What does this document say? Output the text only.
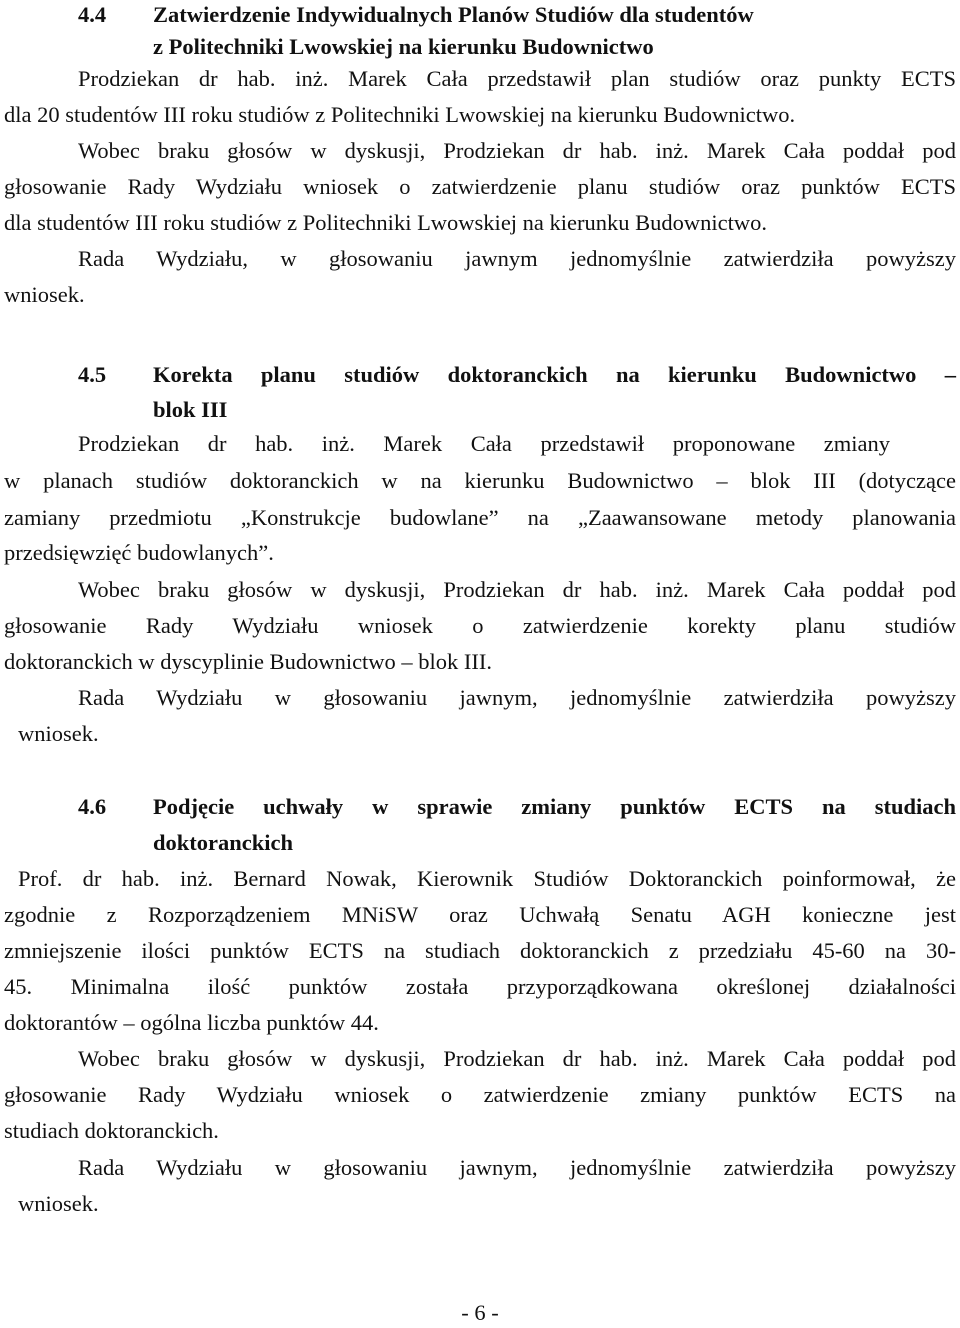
4.4 Zatwierdzenie Indywidualnych Planów Studiów dla studentów
z Politechniki Lwowskiej na kierunku Budownictwo
Prodziekan dr hab. inż. Marek Cała przedstawił plan studiów oraz punkty ECTS
dla 20 studentów III roku studiów z Politechniki Lwowskiej na kierunku Budownictwo.
Wobec braku głosów w dyskusji, Prodziekan dr hab. inż. Marek Cała poddał pod
głosowanie Rady Wydziału wniosek o zatwierdzenie planu studiów oraz punktów ECTS
dla studentów III roku studiów z Politechniki Lwowskiej na kierunku Budownictwo.
Rada Wydziału, w głosowaniu jawnym jednomyślnie zatwierdziła powyższy
wniosek.
4.5 Korekta planu studiów doktoranckich na kierunku Budownictwo –
blok III
Prodziekan dr hab. inż. Marek Cała przedstawił proponowane zmiany
w planach studiów doktoranckich w na kierunku Budownictwo – blok III (dotyczące
zamiany przedmiotu „Konstrukcje budowlane” na „Zaawansowane metody planowania
przedsięwzięć budowlanych”.
Wobec braku głosów w dyskusji, Prodziekan dr hab. inż. Marek Cała poddał pod
głosowanie Rady Wydziału wniosek o zatwierdzenie korekty planu studiów
doktoranckich w dyscyplinie Budownictwo – blok III.
Rada Wydziału w głosowaniu jawnym, jednomyślnie zatwierdziła powyższy
wniosek.
4.6 Podjęcie uchwały w sprawie zmiany punktów ECTS na studiach
doktoranckich
Prof. dr hab. inż. Bernard Nowak, Kierownik Studiów Doktoranckich poinformował, że
zgodnie z Rozporządzeniem MNiSW oraz Uchwałą Senatu AGH konieczne jest
zmniejszenie ilości punktów ECTS na studiach doktoranckich z przedziału 45-60 na 30-
45. Minimalna ilość punktów została przyporządkowana określonej działalności
doktorantów – ogólna liczba punktów 44.
Wobec braku głosów w dyskusji, Prodziekan dr hab. inż. Marek Cała poddał pod
głosowanie Rady Wydziału wniosek o zatwierdzenie zmiany punktów ECTS na
studiach doktoranckich.
Rada Wydziału w głosowaniu jawnym, jednomyślnie zatwierdziła powyższy
wniosek.
- 6 -
